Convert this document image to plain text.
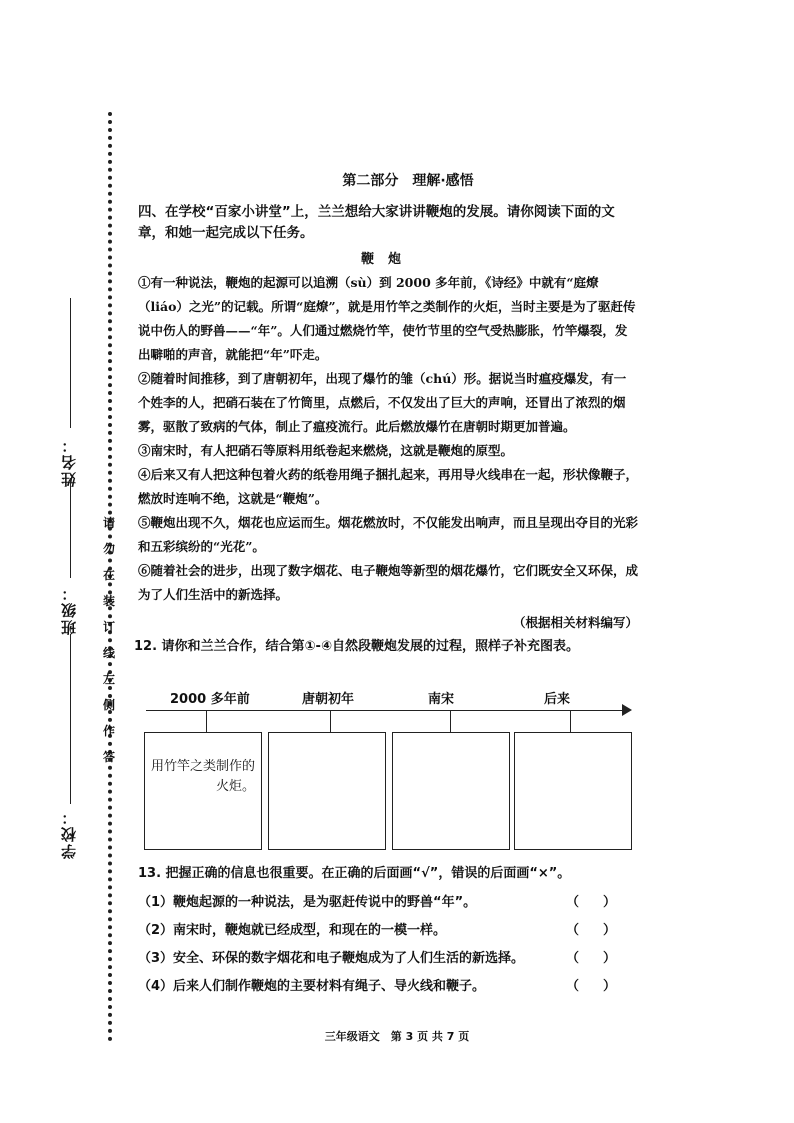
姓名：
班级：
学校：
请
勿
在
装
订
线
左
侧
作
答

第二部分　理解·感悟

四、在学校“百家小讲堂”上，兰兰想给大家讲讲鞭炮的发展。请你阅读下面的文章，和她一起完成以下任务。

鞭炮

①有一种说法，鞭炮的起源可以追溯（sù）到 2000 多年前，《诗经》中就有“庭燎（liáo）之光”的记载。所谓“庭燎”，就是用竹竿之类制作的火炬，当时主要是为了驱赶传说中伤人的野兽——“年”。人们通过燃烧竹竿，使竹节里的空气受热膨胀，竹竿爆裂，发出噼啪的声音，就能把“年”吓走。

②随着时间推移，到了唐朝初年，出现了爆竹的雏（chú）形。据说当时瘟疫爆发，有一个姓李的人，把硝石装在了竹筒里，点燃后，不仅发出了巨大的声响，还冒出了浓烈的烟雾，驱散了致病的气体，制止了瘟疫流行。此后燃放爆竹在唐朝时期更加普遍。

③南宋时，有人把硝石等原料用纸卷起来燃烧，这就是鞭炮的原型。

④后来又有人把这种包着火药的纸卷用绳子捆扎起来，再用导火线串在一起，形状像鞭子，燃放时连响不绝，这就是“鞭炮”。

⑤鞭炮出现不久，烟花也应运而生。烟花燃放时，不仅能发出响声，而且呈现出夺目的光彩和五彩缤纷的“光花”。

⑥随着社会的进步，出现了数字烟花、电子鞭炮等新型的烟花爆竹，它们既安全又环保，成为了人们生活中的新选择。

（根据相关材料编写）

12. 请你和兰兰合作，结合第①-④自然段鞭炮发展的过程，照样子补充图表。

2000 多年前	唐朝初年	南宋	后来
用竹竿之类制作的火炬。

13. 把握正确的信息也很重要。在正确的后面画“√”，错误的后面画“×”。

（1）鞭炮起源的一种说法，是为驱赶传说中的野兽“年”。	（ ）
（2）南宋时，鞭炮就已经成型，和现在的一模一样。	（ ）
（3）安全、环保的数字烟花和电子鞭炮成为了人们生活的新选择。	（ ）
（4）后来人们制作鞭炮的主要材料有绳子、导火线和鞭子。	（ ）
三年级语文　第 3 页 共 7 页
